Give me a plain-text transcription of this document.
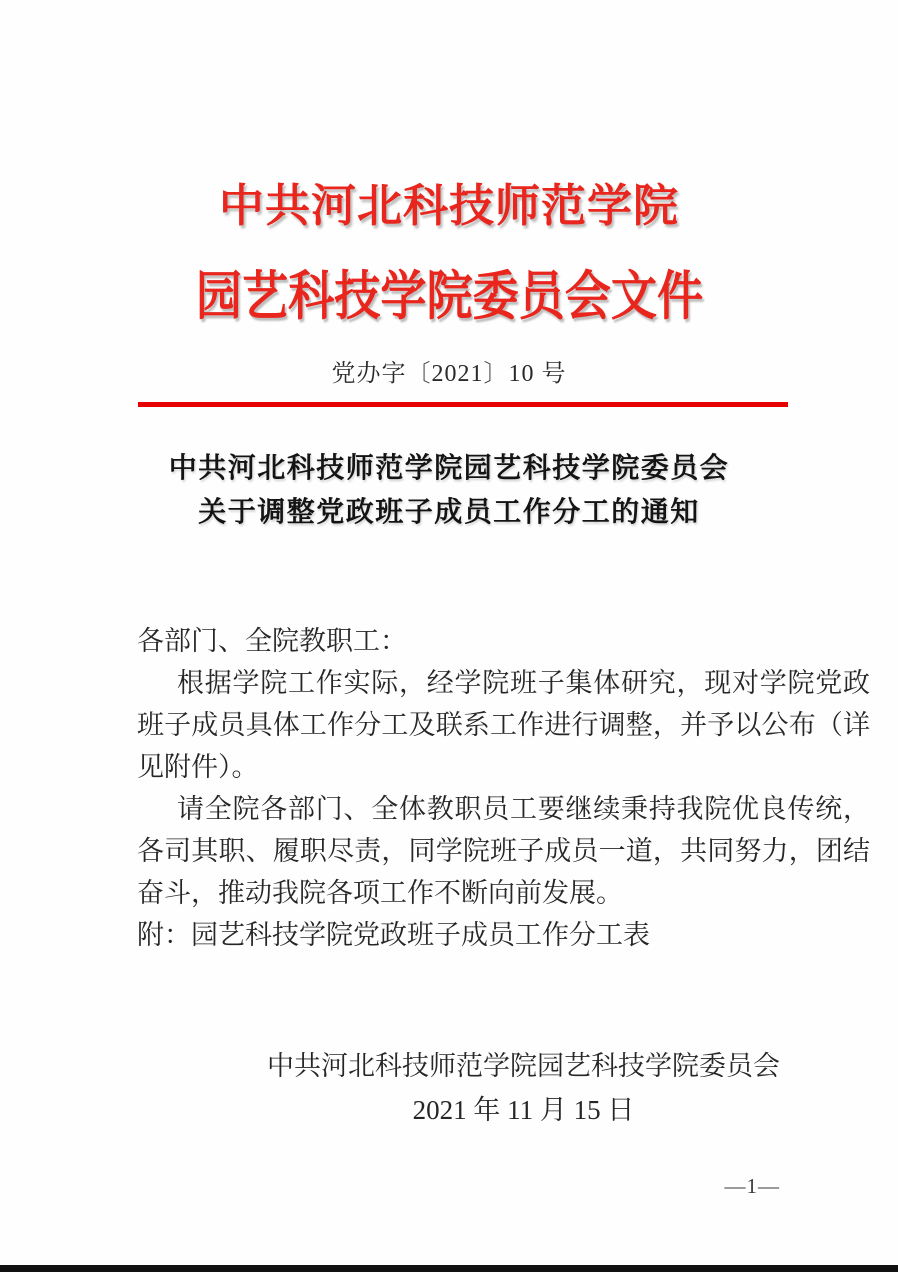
中共河北科技师范学院
园艺科技学院委员会文件
党办字〔2021〕10 号
中共河北科技师范学院园艺科技学院委员会
关于调整党政班子成员工作分工的通知

各部门、全院教职工：

根据学院工作实际，经学院班子集体研究，现对学院党政班子成员具体工作分工及联系工作进行调整，并予以公布（详见附件）。

请全院各部门、全体教职员工要继续秉持我院优良传统，各司其职、履职尽责，同学院班子成员一道，共同努力，团结奋斗，推动我院各项工作不断向前发展。

附：园艺科技学院党政班子成员工作分工表

中共河北科技师范学院园艺科技学院委员会
2021 年 11 月 15 日
—1—
